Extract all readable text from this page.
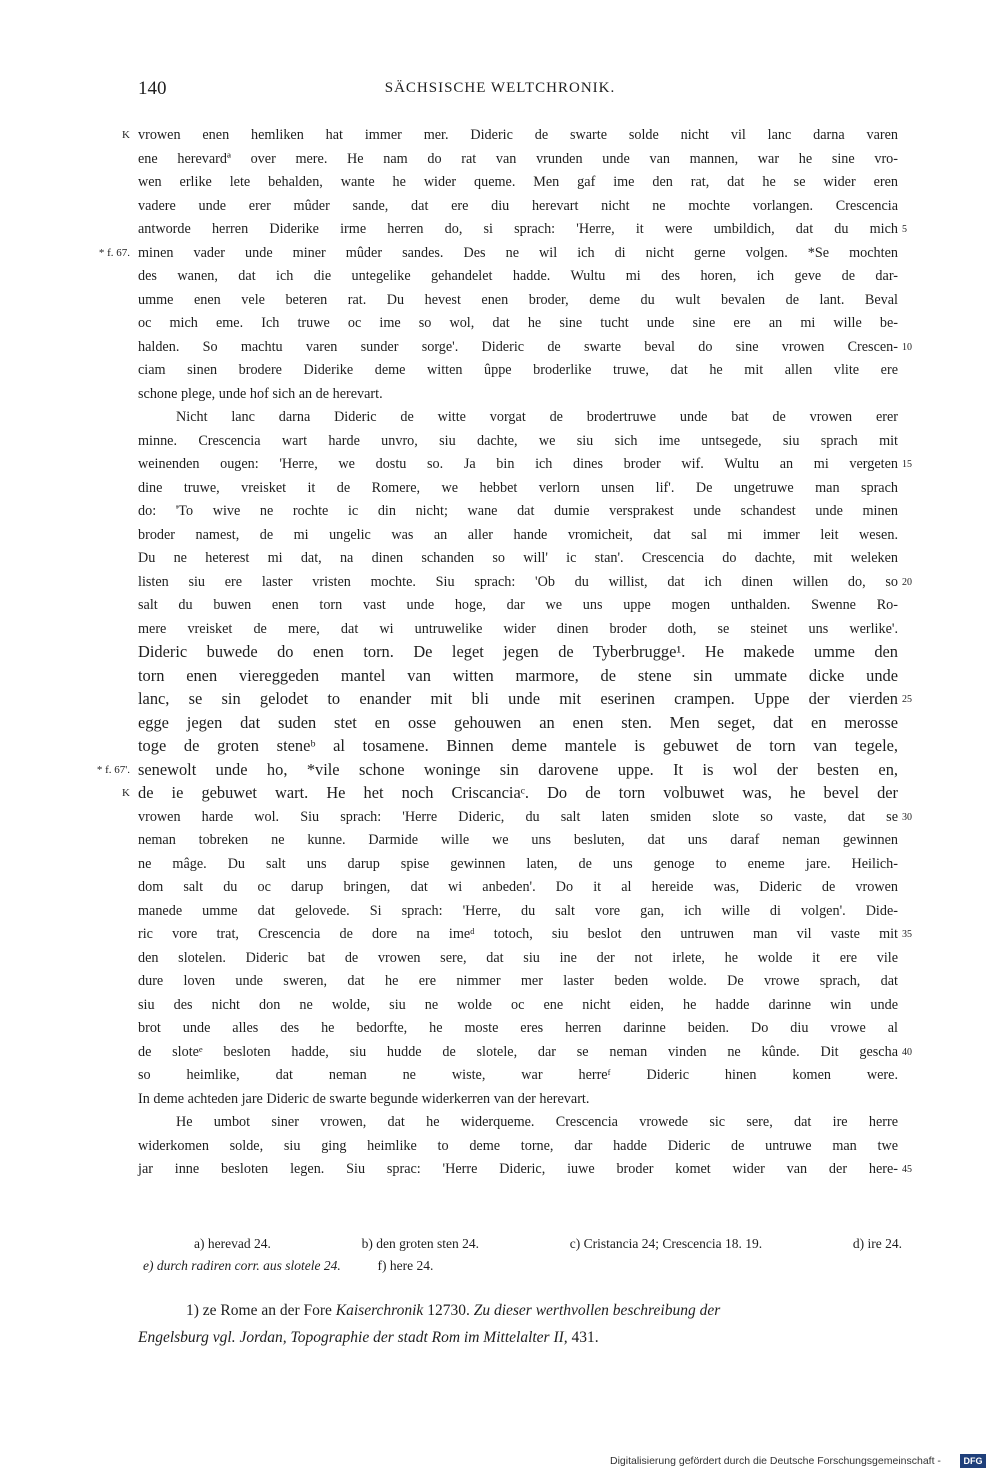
140	SÄCHSISCHE WELTCHRONIK.
K
* f. 67.
* f. 67'.
K
5
10
15
20
25
30
35
40
45
vrowen enen hemliken hat immer mer. Dideric de swarte solde nicht vil lanc darna varen
ene herevardª over mere. He nam do rat van vrunden unde van mannen, war he sine vro-
wen erlike lete behalden, wante he wider queme. Men gaf ime den rat, dat he se wider eren
vadere unde erer mûder sande, dat ere diu herevart nicht ne mochte vorlangen. Crescencia
antworde herren Diderike irme herren do, si sprach: 'Herre, it were umbildich, dat du mich
minen vader unde miner mûder sandes. Des ne wil ich di nicht gerne volgen. *Se mochten
des wanen, dat ich die untegelike gehandelet hadde. Wultu mi des horen, ich geve de dar-
umme enen vele beteren rat. Du hevest enen broder, deme du wult bevalen de lant. Beval
oc mich eme. Ich truwe oc ime so wol, dat he sine tucht unde sine ere an mi wille be-
halden. So machtu varen sunder sorge'. Dideric de swarte beval do sine vrowen Crescen-
ciam sinen brodere Diderike deme witten ûppe broderlike truwe, dat he mit allen vlite ere
schone plege, unde hof sich an de herevart.
Nicht lanc darna Dideric de witte vorgat de brodertruwe unde bat de vrowen erer
minne. Crescencia wart harde unvro, siu dachte, we siu sich ime untsegede, siu sprach mit
weinenden ougen: 'Herre, we dostu so. Ja bin ich dines broder wif. Wultu an mi vergeten
dine truwe, vreisket it de Romere, we hebbet verlorn unsen lif'. De ungetruwe man sprach
do: 'To wive ne rochte ic din nicht; wane dat dumie versprakest unde schandest unde minen
broder namest, de mi ungelic was an aller hande vromicheit, dat sal mi immer leit wesen.
Du ne heterest mi dat, na dinen schanden so will' ic stan'. Crescencia do dachte, mit weleken
listen siu ere laster vristen mochte. Siu sprach: 'Ob du willist, dat ich dinen willen do, so
salt du buwen enen torn vast unde hoge, dar we uns uppe mogen unthalden. Swenne Ro-
mere vreisket de mere, dat wi untruwelike wider dinen broder doth, se steinet uns werlike'.
Dideric buwede do enen torn. De leget jegen de Tyberbrugge¹. He makede umme den
torn enen viereggeden mantel van witten marmore, de stene sin ummate dicke unde
lanc, se sin gelodet to enander mit bli unde mit eserinen crampen. Uppe der vierden
egge jegen dat suden stet en osse gehouwen an enen sten. Men seget, dat en merosse
toge de groten steneᵇ al tosamene. Binnen deme mantele is gebuwet de torn van tegele,
senewolt unde ho, *vile schone woninge sin darovene uppe. It is wol der besten en,
de ie gebuwet wart. He het noch Criscanciaᶜ. Do de torn volbuwet was, he bevel der
vrowen harde wol. Siu sprach: 'Herre Dideric, du salt laten smiden slote so vaste, dat se
neman tobreken ne kunne. Darmide wille we uns besluten, dat uns daraf neman gewinnen
ne mâge. Du salt uns darup spise gewinnen laten, de uns genoge to eneme jare. Heilich-
dom salt du oc darup bringen, dat wi anbeden'. Do it al hereide was, Dideric de vrowen
manede umme dat gelovede. Si sprach: 'Herre, du salt vore gan, ich wille di volgen'. Dide-
ric vore trat, Crescencia de dore na imeᵈ totoch, siu beslot den untruwen man vil vaste mit
den slotelen. Dideric bat de vrowen sere, dat siu ine der not irlete, he wolde it ere vile
dure loven unde sweren, dat he ere nimmer mer laster beden wolde. De vrowe sprach, dat
siu des nicht don ne wolde, siu ne wolde oc ene nicht eiden, he hadde darinne win unde
brot unde alles des he bedorfte, he moste eres herren darinne beiden. Do diu vrowe al
de sloteᵉ besloten hadde, siu hudde de slotele, dar se neman vinden ne kûnde. Dit gescha
so heimlike, dat neman ne wiste, war herreᶠ Dideric hinen komen were.
In deme achteden jare Dideric de swarte begunde widerkerren van der herevart.
He umbot siner vrowen, dat he widerqueme. Crescencia vrowede sic sere, dat ire herre
widerkomen solde, siu ging heimlike to deme torne, dar hadde Dideric de untruwe man twe
jar inne besloten legen. Siu sprac: 'Herre Dideric, iuwe broder komet wider van der here-
a) herevad 24.	b) den groten sten 24.	c) Cristancia 24; Crescencia 18. 19.	d) ire 24.
e) durch radiren corr. aus slotele 24.	f) here 24.
1) ze Rome an der Fore Kaiserchronik 12730. Zu dieser werthvollen beschreibung der
Engelsburg vgl. Jordan, Topographie der stadt Rom im Mittelalter II, 431.
Digitalisierung gefördert durch die Deutsche Forschungsgemeinschaft -	DFG
